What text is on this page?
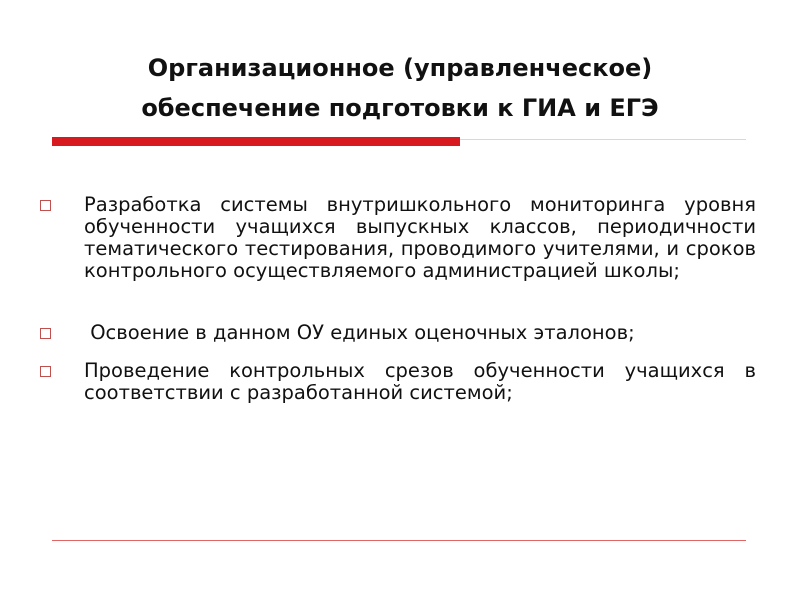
Организационное (управленческое)
обеспечение подготовки к ГИА и ЕГЭ
Разработка системы внутришкольного мониторинга уровня обученности учащихся выпускных классов, периодичности тематического тестирования, проводимого учителями, и сроков контрольного осуществляемого администрацией школы;
Освоение в данном ОУ единых оценочных эталонов;
Проведение контрольных срезов обученности учащихся в соответствии с разработанной системой;
